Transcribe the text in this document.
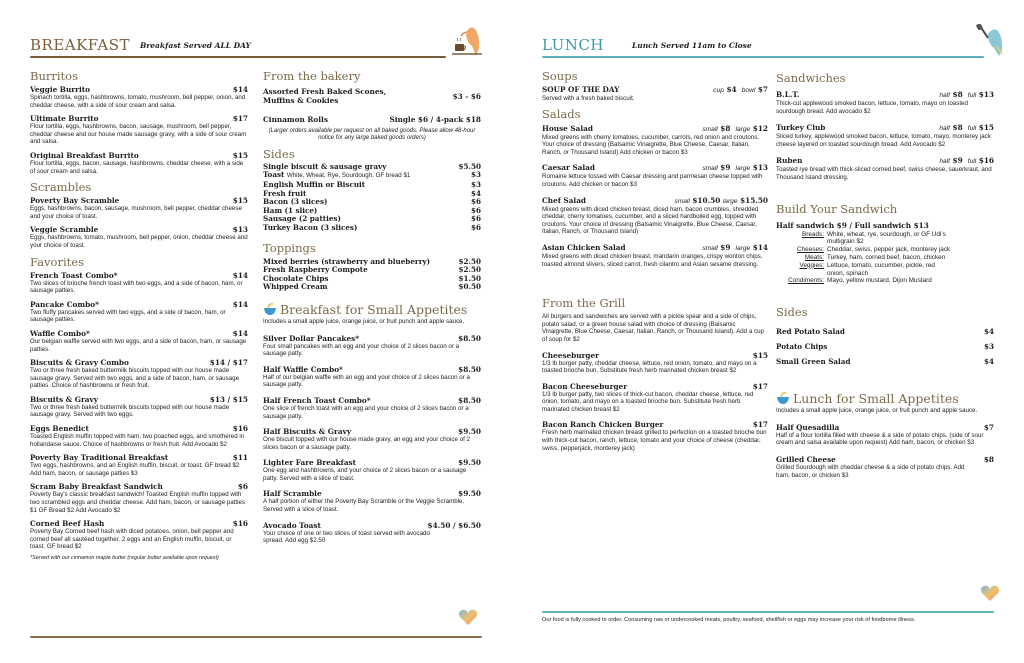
BREAKFAST Breakfast Served ALL DAY
Burritos
Veggie Burrito	$14
Spinach tortilla, eggs, hashbrowns, tomato, mushroom, bell pepper, onion, and cheddar cheese, with a side of sour cream and salsa.
Ultimate Burrito	$17
Flour tortilla, eggs, hashbrowns, bacon, sausage, mushroom, bell pepper, cheddar cheese and our house made sausage gravy, with a side of sour cream and salsa.
Original Breakfast Burrito	$15
Flour tortilla, eggs, bacon, sausage, hashbrowns, cheddar cheese, with a side of sour cream and salsa.
Scrambles
Poverty Bay Scramble	$15
Eggs, hashbrowns, bacon, sausage, mushroom, bell pepper, cheddar cheese and your choice of toast.
Veggie Scramble	$13
Eggs, hashbrowns, tomato, mushroom, bell pepper, onion, cheddar cheese and your choice of toast.
Favorites
French Toast Combo*	$14
Two slices of brioche french toast with two eggs, and a side of bacon, ham, or sausage patties.
Pancake Combo*	$14
Two fluffy pancakes served with two eggs, and a side of bacon, ham, or sausage patties.
Waffle Combo*	$14
Our belgian waffle served with two eggs, and a side of bacon, ham, or sausage patties.
Biscuits & Gravy Combo	$14 / $17
Two or three fresh baked buttermilk biscuits topped with our house made sausage gravy. Served with two eggs, and a side of bacon, ham, or sausage patties. Choice of hashbrowns or fresh fruit.
Biscuits & Gravy	$13 / $15
Two or three fresh baked buttermilk biscuits topped with our house made sausage gravy. Served with two eggs.
Eggs Benedict	$16
Toasted English muffin topped with ham, two poached eggs, and smothered in hollandaise sauce. Choice of hashbrowns or fresh fruit. Add Avocado $2
Poverty Bay Traditional Breakfast	$11
Two eggs, hashbrowns, and an English muffin, biscuit, or toast. GF bread $2 Add ham, bacon, or sausage patties $3
Scram Baby Breakfast Sandwich	$6
Poverty Bay's classic breakfast sandwich! Toasted English muffin topped with two scrambled eggs and cheddar cheese. Add ham, bacon, or sausage patties $1 GF Bread $2 Add Avocado $2
Corned Beef Hash	$16
Poverty Bay Corned beef hash with diced potatoes, onion, bell pepper and corned beef all sautéed together. 2 eggs and an English muffin, biscuit, or toast. GF bread $2
*Served with our cinnamon maple butter (regular butter available upon request)
From the bakery
Assorted Fresh Baked Scones, Muffins & Cookies	$3 - $6
Cinnamon Rolls	Single $6 / 4-pack $18
(Larger orders available per request on all baked goods. Please allow 48-hour notice for any large baked goods orders)
Sides
Single biscuit & sausage gravy	$5.50
Toast White, Wheat, Rye, Sourdough. GF bread $1	$3
English Muffin or Biscuit	$3
Fresh fruit	$4
Bacon (3 slices)	$6
Ham (1 slice)	$6
Sausage (2 patties)	$6
Turkey Bacon (3 slices)	$6
Toppings
Mixed berries (strawberry and blueberry)	$2.50
Fresh Raspberry Compote	$2.50
Chocolate Chips	$1.50
Whipped Cream	$0.50
Breakfast for Small Appetites
Includes a small apple juice, orange juice, or fruit punch and apple sauce.
Silver Dollar Pancakes*	$8.50
Four small pancakes with an egg and your choice of 2 slices bacon or a sausage patty.
Half Waffle Combo*	$8.50
Half of our belgian waffle with an egg and your choice of 2 slices bacon or a sausage patty.
Half French Toast Combo*	$8.50
One slice of french toast with an egg and your choice of 2 slices bacon or a sausage patty.
Half Biscuits & Gravy	$9.50
One biscuit topped with our house made gravy, an egg and your choice of 2 slices bacon or a sausage patty.
Lighter Fare Breakfast	$9.50
One egg and hashbrowns, and your choice of 2 slices bacon or a sausage patty. Served with a slice of toast.
Half Scramble	$9.50
A half portion of either the Poverty Bay Scramble or the Veggie Scramble. Served with a slice of toast.
Avocado Toast	$4.50 / $6.50
Your choice of one or two slices of toast served with avocado spread. Add egg $2.50
LUNCH	Lunch Served 11am to Close
Soups
SOUP OF THE DAY	cup $4 bowl $7
Served with a fresh baked biscuit.
Salads
House Salad	small $8 large $12
Mixed greens with cherry tomatoes, cucumber, carrots, red onion and croutons. Your choice of dressing (Balsamic Vinaigrette, Blue Cheese, Caesar, Italian, Ranch, or Thousand Island) Add chicken or bacon $3
Caesar Salad	small $9 large $13
Romaine lettuce tossed with Caesar dressing and parmesan cheese topped with croutons. Add chicken or bacon $3
Chef Salad	small $10.50 large $15.50
Mixed greens with diced chicken breast, diced ham, bacon crumbles, shredded cheddar, cherry tomatoes, cucumber, and a sliced hardboiled egg, topped with croutons. Your choice of dressing (Balsamic Vinaigrette, Blue Cheese, Caesar, Italian, Ranch, or Thousand Island)
Asian Chicken Salad	small $9 large $14
Mixed greens with diced chicken breast, mandarin oranges, crispy wonton chips, toasted almond slivers, sliced carrot, fresh cilantro and Asian sesame dressing.
From the Grill
All burgers and sandwiches are served with a pickle spear and a side of chips, potato salad, or a green house salad with choice of dressing (Balsamic Vinaigrette, Blue Cheese, Caesar, Italian, Ranch, or Thousand Island). Add a cup of soup for $2
Cheeseburger	$15
1/3 lb burger patty, cheddar cheese, lettuce, red onion, tomato, and mayo on a toasted brioche bun. Substitute fresh herb marinated chicken breast $2
Bacon Cheeseburger	$17
1/3 lb burger patty, two slices of thick-cut bacon, cheddar cheese, lettuce, red onion, tomato, and mayo on a toasted brioche bun. Substitute fresh herb marinated chicken breast $2
Bacon Ranch Chicken Burger	$17
Fresh herb marinated chicken breast grilled to perfection on a toasted brioche bun with thick-cut bacon, ranch, lettuce, tomato and your choice of cheese (cheddar, swiss, pepperjack, monterey jack)
Sandwiches
B.L.T.	half $8 full $13
Thick-cut applewood smoked bacon, lettuce, tomato, mayo on toasted sourdough bread. Add avocado $2
Turkey Club	half $8 full $15
Sliced turkey, applewood smoked bacon, lettuce, tomato, mayo, monterey jack cheese layered on toasted sourdough bread. Add Avocado $2
Ruben	half $9 full $16
Toasted rye bread with thick-sliced corned beef, swiss cheese, sauerkraut, and Thousand Island dressing.
Build Your Sandwich
Half sandwich $9 / Full sandwich $13
Breads: White, wheat, rye, sourdough, or GF Udi's multigrain $2
Cheeses: Cheddar, swiss, pepper jack, monterey jack
Meats: Turkey, ham, corned beef, bacon, chicken
Veggies: Lettuce, tomato, cucumber, pickle, red onion, spinach
Condiments: Mayo, yellow mustard, Dijon Mustard
Sides
Red Potato Salad	$4
Potato Chips	$3
Small Green Salad	$4
Lunch for Small Appetites
Includes a small apple juice, orange juice, or fruit punch and apple sauce.
Half Quesadilla	$7
Half of a flour tortilla filled with cheese & a side of potato chips. (side of sour cream and salsa available upon request) Add ham, bacon, or chicken $3
Grilled Cheese	$8
Grilled Sourdough with cheddar cheese & a side of potato chips. Add ham, bacon, or chicken $3
Our food is fully cooked to order. Consuming raw or undercooked meats, poultry, seafood, shellfish or eggs may increase your risk of foodborne illness.
